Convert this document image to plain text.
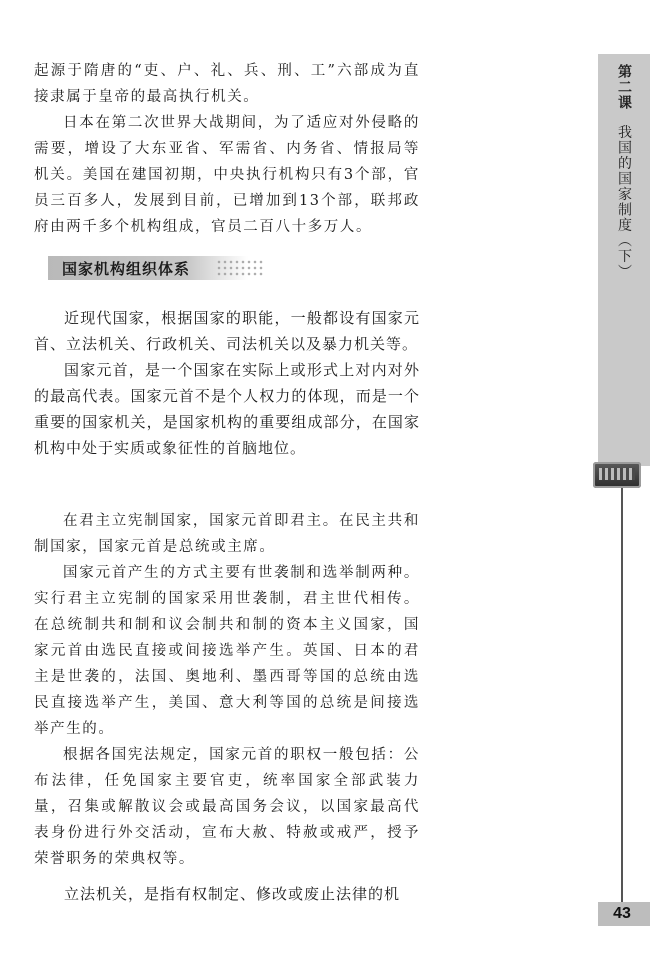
起源于隋唐的“吏、户、礼、兵、刑、工”六部成为直接隶属于皇帝的最高执行机关。

日本在第二次世界大战期间，为了适应对外侵略的需要，增设了大东亚省、军需省、内务省、情报局等机关。美国在建国初期，中央执行机构只有3个部，官员三百多人，发展到目前，已增加到13个部，联邦政府由两千多个机构组成，官员二百八十多万人。

国家机构组织体系

近现代国家，根据国家的职能，一般都设有国家元首、立法机关、行政机关、司法机关以及暴力机关等。

国家元首，是一个国家在实际上或形式上对内对外的最高代表。国家元首不是个人权力的体现，而是一个重要的国家机关，是国家机构的重要组成部分，在国家机构中处于实质或象征性的首脑地位。

在君主立宪制国家，国家元首即君主。在民主共和制国家，国家元首是总统或主席。

国家元首产生的方式主要有世袭制和选举制两种。实行君主立宪制的国家采用世袭制，君主世代相传。在总统制共和制和议会制共和制的资本主义国家，国家元首由选民直接或间接选举产生。英国、日本的君主是世袭的，法国、奥地利、墨西哥等国的总统由选民直接选举产生，美国、意大利等国的总统是间接选举产生的。

根据各国宪法规定，国家元首的职权一般包括：公布法律，任免国家主要官吏，统率国家全部武装力量，召集或解散议会或最高国务会议，以国家最高代表身份进行外交活动，宣布大赦、特赦或戒严，授予荣誉职务的荣典权等。

立法机关，是指有权制定、修改或废止法律的机

第二课我国的国家制度（下）
43
